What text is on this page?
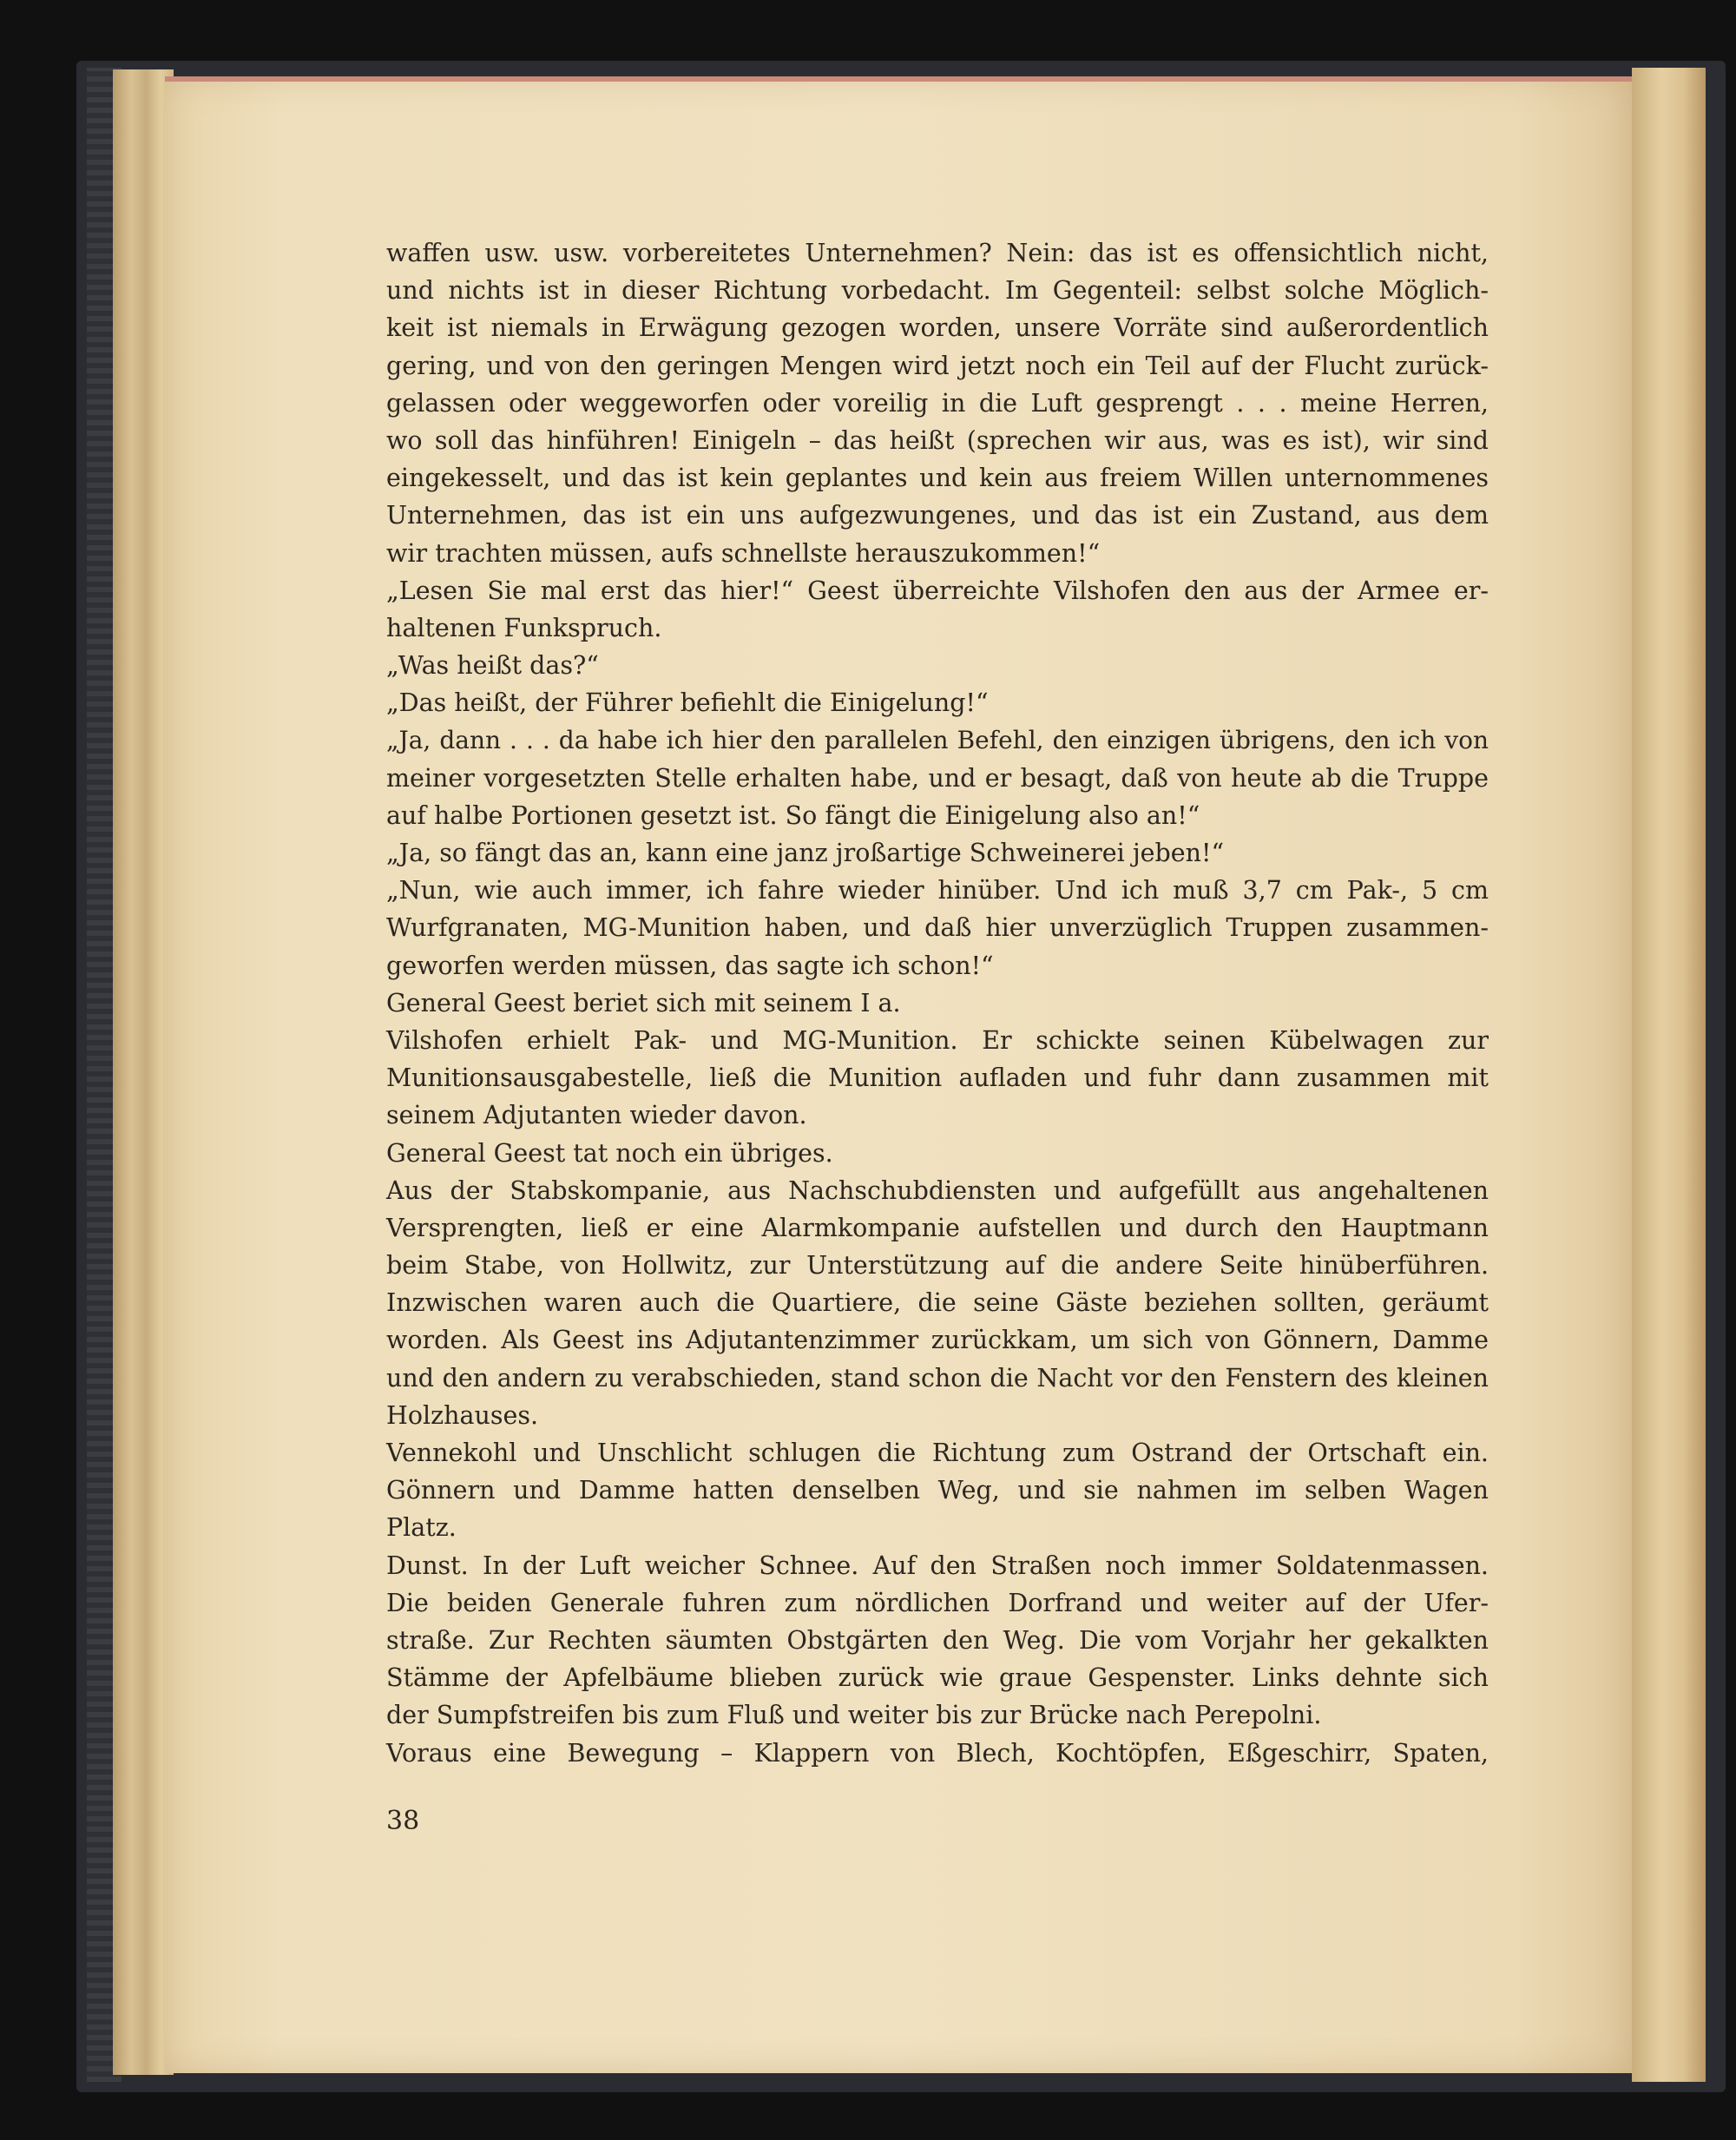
waffen usw. usw. vorbereitetes Unternehmen? Nein: das ist es offensichtlich nicht,
und nichts ist in dieser Richtung vorbedacht. Im Gegenteil: selbst solche Möglich-
keit ist niemals in Erwägung gezogen worden, unsere Vorräte sind außerordentlich
gering, und von den geringen Mengen wird jetzt noch ein Teil auf der Flucht zurück-
gelassen oder weggeworfen oder voreilig in die Luft gesprengt . . . meine Herren,
wo soll das hinführen! Einigeln – das heißt (sprechen wir aus, was es ist), wir sind
eingekesselt, und das ist kein geplantes und kein aus freiem Willen unternommenes
Unternehmen, das ist ein uns aufgezwungenes, und das ist ein Zustand, aus dem
wir trachten müssen, aufs schnellste herauszukommen!“
„Lesen Sie mal erst das hier!“ Geest überreichte Vilshofen den aus der Armee er-
haltenen Funkspruch.
„Was heißt das?“
„Das heißt, der Führer befiehlt die Einigelung!“
„Ja, dann . . . da habe ich hier den parallelen Befehl, den einzigen übrigens, den ich von
meiner vorgesetzten Stelle erhalten habe, und er besagt, daß von heute ab die Truppe
auf halbe Portionen gesetzt ist. So fängt die Einigelung also an!“
„Ja, so fängt das an, kann eine janz jroßartige Schweinerei jeben!“
„Nun, wie auch immer, ich fahre wieder hinüber. Und ich muß 3,7 cm Pak-, 5 cm
Wurfgranaten, MG-Munition haben, und daß hier unverzüglich Truppen zusammen-
geworfen werden müssen, das sagte ich schon!“
General Geest beriet sich mit seinem I a.
Vilshofen erhielt Pak- und MG-Munition. Er schickte seinen Kübelwagen zur
Munitionsausgabestelle, ließ die Munition aufladen und fuhr dann zusammen mit
seinem Adjutanten wieder davon.
General Geest tat noch ein übriges.
Aus der Stabskompanie, aus Nachschubdiensten und aufgefüllt aus angehaltenen
Versprengten, ließ er eine Alarmkompanie aufstellen und durch den Hauptmann
beim Stabe, von Hollwitz, zur Unterstützung auf die andere Seite hinüberführen.
Inzwischen waren auch die Quartiere, die seine Gäste beziehen sollten, geräumt
worden. Als Geest ins Adjutantenzimmer zurückkam, um sich von Gönnern, Damme
und den andern zu verabschieden, stand schon die Nacht vor den Fenstern des kleinen
Holzhauses.
Vennekohl und Unschlicht schlugen die Richtung zum Ostrand der Ortschaft ein.
Gönnern und Damme hatten denselben Weg, und sie nahmen im selben Wagen
Platz.
Dunst. In der Luft weicher Schnee. Auf den Straßen noch immer Soldatenmassen.
Die beiden Generale fuhren zum nördlichen Dorfrand und weiter auf der Ufer-
straße. Zur Rechten säumten Obstgärten den Weg. Die vom Vorjahr her gekalkten
Stämme der Apfelbäume blieben zurück wie graue Gespenster. Links dehnte sich
der Sumpfstreifen bis zum Fluß und weiter bis zur Brücke nach Perepolni.
Voraus eine Bewegung – Klappern von Blech, Kochtöpfen, Eßgeschirr, Spaten,
38
